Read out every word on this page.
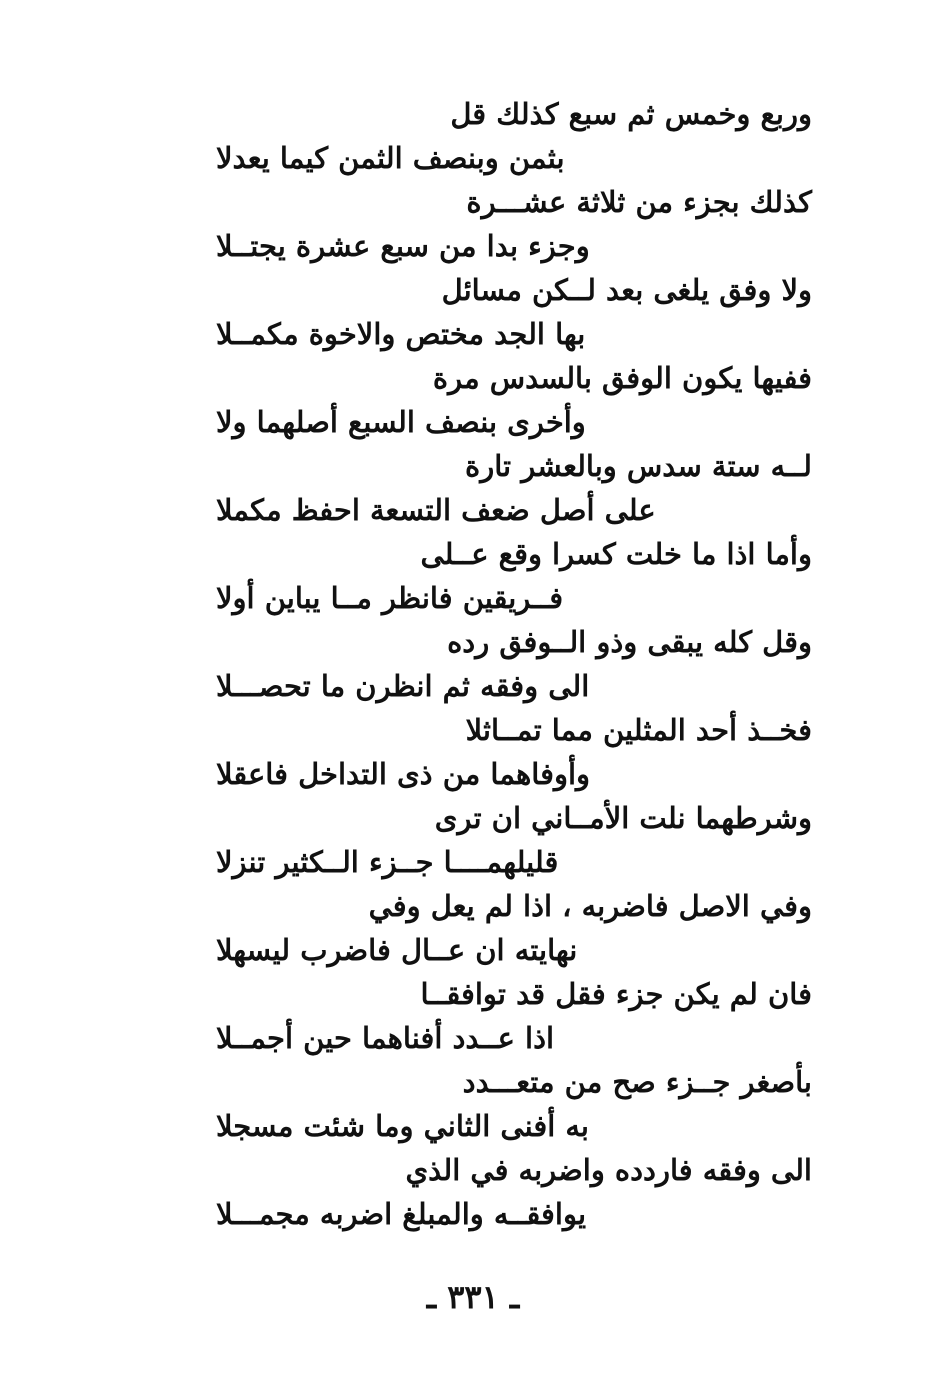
وربع وخمس ثم سبع كذلك قل
بثمن وبنصف الثمن كيما يعدلا
كذلك بجزء من ثلاثة عشـــرة
وجزء بدا من سبع عشرة يجتــلا
ولا وفق يلغى بعد لــكن مسائل
بها الجد مختص والاخوة مكمــلا
ففيها يكون الوفق بالسدس مرة
وأخرى بنصف السبع أصلهما ولا
لــه ستة سدس وبالعشر تارة
على أصل ضعف التسعة احفظ مكملا
وأما اذا ما خلت كسرا وقع عــلى
فــريقين فانظر مــا يباين أولا
وقل كله يبقى وذو الــوفق رده
الى وفقه ثم انظرن ما تحصـــلا
فخــذ أحد المثلين مما تمــاثلا
وأوفاهما من ذى التداخل فاعقلا
وشرطهما نلت الأمــاني ان ترى
قليلهمــــا جــزء الــكثير تنزلا
وفي الاصل فاضربه ، اذا لم يعل وفي
نهايته ان عــال فاضرب ليسهلا
فان لم يكن جزء فقل قد توافقــا
اذا عــدد أفناهما حين أجمــلا
بأصغر جــزء صح من متعـــدد
به أفنى الثاني وما شئت مسجلا
الى وفقه فاردده واضربه في الذي
يوافقــه والمبلغ اضربه مجمـــلا
ـ ٣٣١ ـ
